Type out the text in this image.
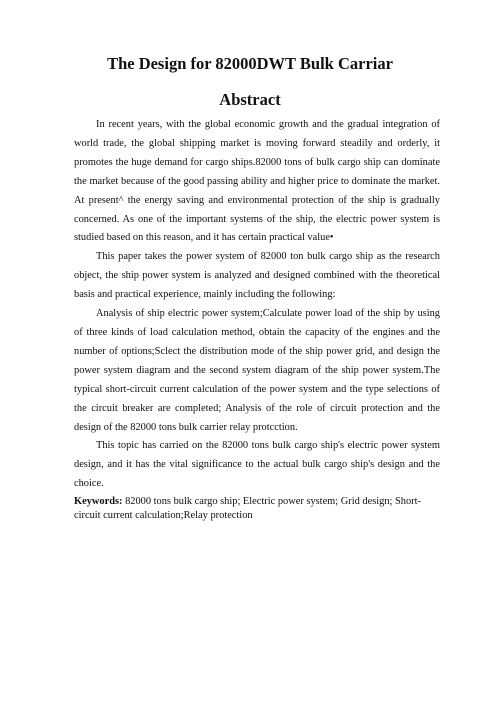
The Design for 82000DWT Bulk Carriar
Abstract

In recent years, with the global economic growth and the gradual integration of world trade, the global shipping market is moving forward steadily and orderly, it promotes the huge demand for cargo ships.82000 tons of bulk cargo ship can dominate the market because of the good passing ability and higher price to dominate the market. At present^ the energy saving and environmental protection of the ship is gradually concerned. As one of the important systems of the ship, the electric power system is studied based on this reason, and it has certain practical value•

This paper takes the power system of 82000 ton bulk cargo ship as the research object, the ship power system is analyzed and designed combined with the theoretical basis and practical experience, mainly including the following:

Analysis of ship electric power system;Calculate power load of the ship by using of three kinds of load calculation method, obtain the capacity of the engines and the number of options;Sclect the distribution mode of the ship power grid, and design the power system diagram and the second system diagram of the ship power system.The typical short-circuit current calculation of the power system and the type selections of the circuit breaker are completed; Analysis of the role of circuit protection and the design of the 82000 tons bulk carrier relay protcction.

This topic has carried on the 82000 tons bulk cargo ship's electric power system design, and it has the vital significance to the actual bulk cargo ship's design and the choice.

Keywords: 82000 tons bulk cargo ship; Electric power system; Grid design; Short-circuit current calculation;Relay protection
